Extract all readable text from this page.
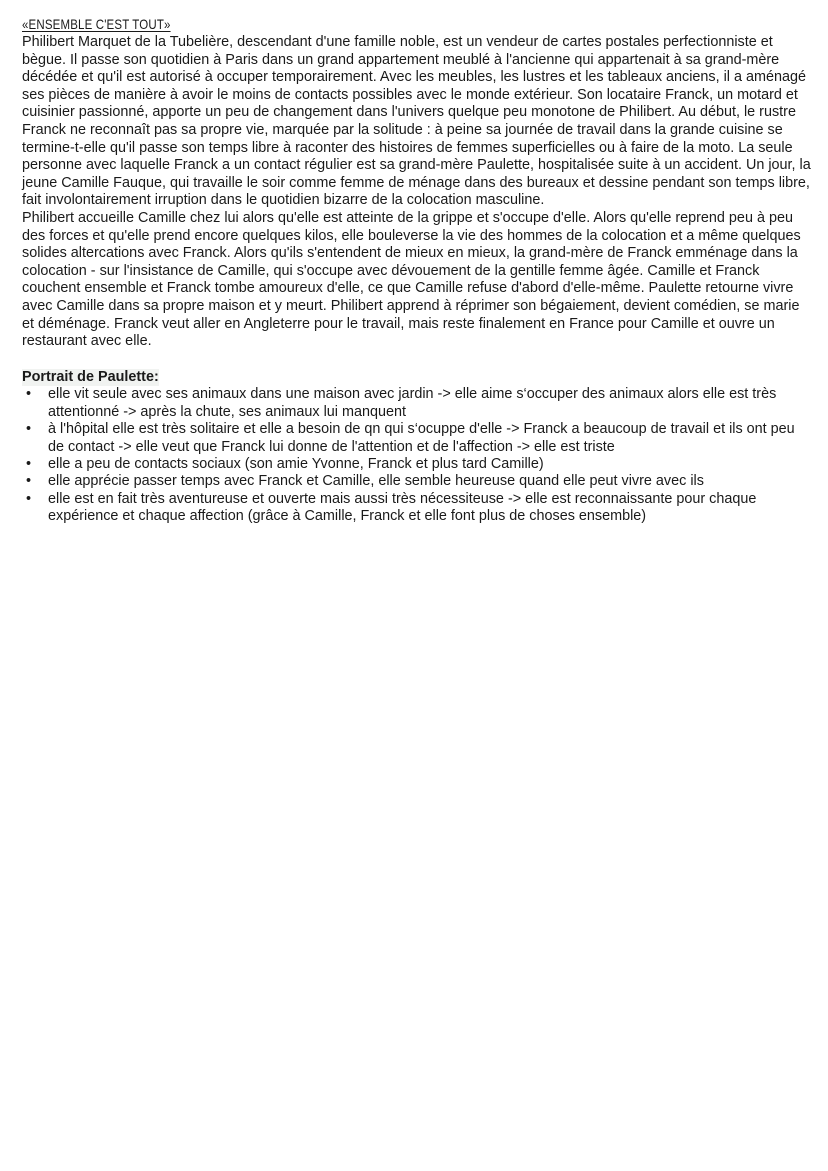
«ENSEMBLE C'EST TOUT»

Philibert Marquet de la Tubelière, descendant d'une famille noble, est un vendeur de cartes postales perfectionniste et bègue. Il passe son quotidien à Paris dans un grand appartement meublé à l'ancienne qui appartenait à sa grand-mère décédée et qu'il est autorisé à occuper temporairement. Avec les meubles, les lustres et les tableaux anciens, il a aménagé ses pièces de manière à avoir le moins de contacts possibles avec le monde extérieur. Son locataire Franck, un motard et cuisinier passionné, apporte un peu de changement dans l'univers quelque peu monotone de Philibert. Au début, le rustre Franck ne reconnaît pas sa propre vie, marquée par la solitude : à peine sa journée de travail dans la grande cuisine se termine-t-elle qu'il passe son temps libre à raconter des histoires de femmes superficielles ou à faire de la moto. La seule personne avec laquelle Franck a un contact régulier est sa grand-mère Paulette, hospitalisée suite à un accident. Un jour, la jeune Camille Fauque, qui travaille le soir comme femme de ménage dans des bureaux et dessine pendant son temps libre, fait involontairement irruption dans le quotidien bizarre de la colocation masculine.

Philibert accueille Camille chez lui alors qu'elle est atteinte de la grippe et s'occupe d'elle. Alors qu'elle reprend peu à peu des forces et qu'elle prend encore quelques kilos, elle bouleverse la vie des hommes de la colocation et a même quelques solides altercations avec Franck. Alors qu'ils s'entendent de mieux en mieux, la grand-mère de Franck emménage dans la colocation - sur l'insistance de Camille, qui s'occupe avec dévouement de la gentille femme âgée. Camille et Franck couchent ensemble et Franck tombe amoureux d'elle, ce que Camille refuse d'abord d'elle-même. Paulette retourne vivre avec Camille dans sa propre maison et y meurt. Philibert apprend à réprimer son bégaiement, devient comédien, se marie et déménage. Franck veut aller en Angleterre pour le travail, mais reste finalement en France pour Camille et ouvre un restaurant avec elle.

Portrait de Paulette:
• elle vit seule avec ses animaux dans une maison avec jardin -> elle aime s‘occuper des animaux alors elle est très attentionné -> après la chute, ses animaux lui manquent
• à l'hôpital elle est très solitaire et elle a besoin de qn qui s‘ocuppe d'elle -> Franck a beaucoup de travail et ils ont peu de contact -> elle veut que Franck lui donne de l'attention et de l'affection -> elle est triste
• elle a peu de contacts sociaux (son amie Yvonne, Franck et plus tard Camille)
• elle apprécie passer temps avec Franck et Camille, elle semble heureuse quand elle peut vivre avec ils
• elle est en fait très aventureuse et ouverte mais aussi très nécessiteuse -> elle est reconnaissante pour chaque expérience et chaque affection (grâce à Camille, Franck et elle font plus de choses ensemble)
